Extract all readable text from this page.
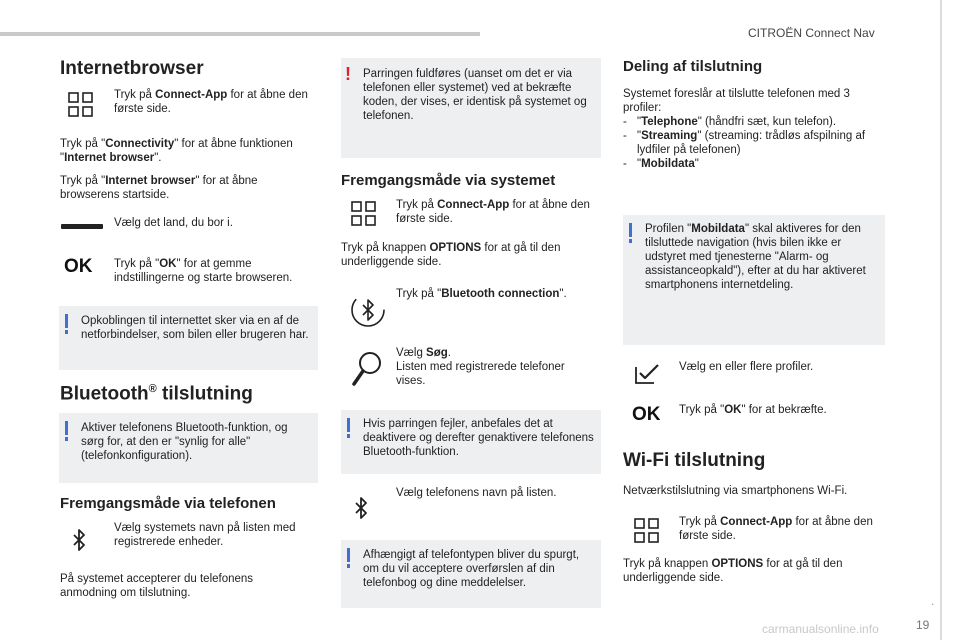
CITROËN Connect Nav
.
19
carmanualsonline.info
Internetbrowser
Tryk på Connect-App for at åbne den første side.
Tryk på "Connectivity" for at åbne funktionen "Internet browser".
Tryk på "Internet browser" for at åbne browserens startside.
Vælg det land, du bor i.
OK Tryk på "OK" for at gemme indstillingerne og starte browseren.
Opkoblingen til internettet sker via en af de netforbindelser, som bilen eller brugeren har.
Bluetooth® tilslutning
Aktiver telefonens Bluetooth-funktion, og sørg for, at den er "synlig for alle" (telefonkonfiguration).
Fremgangsmåde via telefonen
Vælg systemets navn på listen med registrerede enheder.
På systemet accepterer du telefonens anmodning om tilslutning.
! Parringen fuldføres (uanset om det er via telefonen eller systemet) ved at bekræfte koden, der vises, er identisk på systemet og telefonen.
Fremgangsmåde via systemet
Tryk på Connect-App for at åbne den første side.
Tryk på knappen OPTIONS for at gå til den underliggende side.
Tryk på "Bluetooth connection".
Vælg Søg.
Listen med registrerede telefoner vises.
Hvis parringen fejler, anbefales det at deaktivere og derefter genaktivere telefonens Bluetooth-funktion.
Vælg telefonens navn på listen.
Afhængigt af telefontypen bliver du spurgt, om du vil acceptere overførslen af din telefonbog og dine meddelelser.
Deling af tilslutning
Systemet foreslår at tilslutte telefonen med 3 profiler:
- "Telephone" (håndfri sæt, kun telefon).
- "Streaming" (streaming: trådløs afspilning af lydfiler på telefonen)
- "Mobildata"
Profilen "Mobildata" skal aktiveres for den tilsluttede navigation (hvis bilen ikke er udstyret med tjenesterne "Alarm- og assistanceopkald"), efter at du har aktiveret smartphonens internetdeling.
Vælg en eller flere profiler.
OK Tryk på "OK" for at bekræfte.
Wi-Fi tilslutning
Netværkstilslutning via smartphonens Wi-Fi.
Tryk på Connect-App for at åbne den første side.
Tryk på knappen OPTIONS for at gå til den underliggende side.
